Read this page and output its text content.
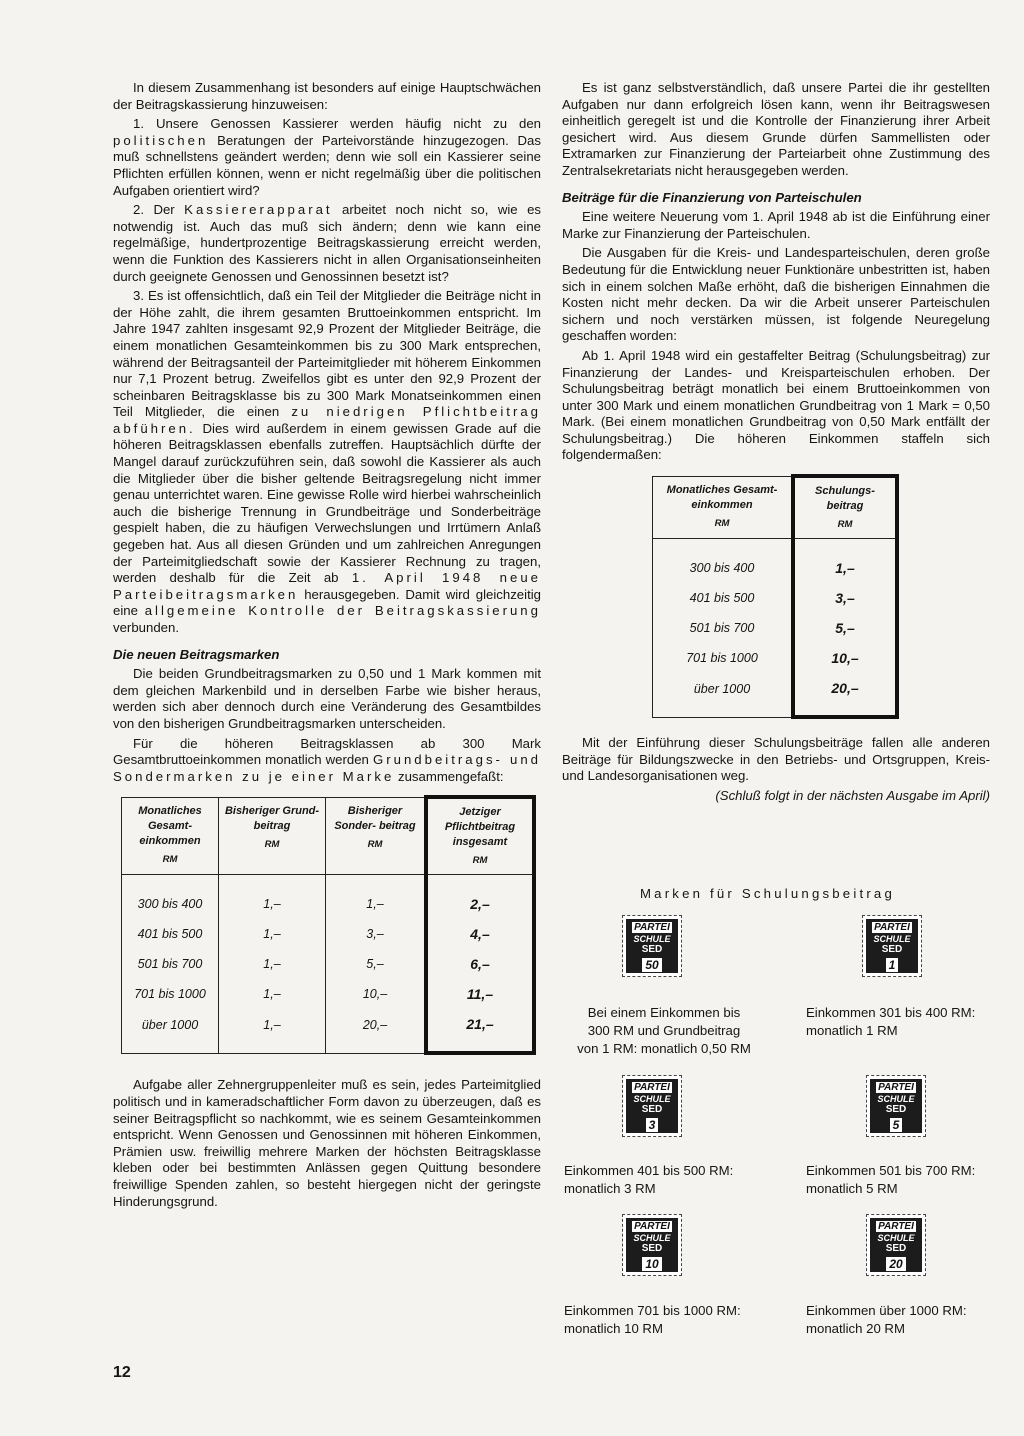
In diesem Zusammenhang ist besonders auf einige Hauptschwächen der Beitragskassierung hinzuweisen:

1. Unsere Genossen Kassierer werden häufig nicht zu den politischen Beratungen der Parteivorstände hinzugezogen. Das muß schnellstens geändert werden; denn wie soll ein Kassierer seine Pflichten erfüllen können, wenn er nicht regelmäßig über die politischen Aufgaben orientiert wird?

2. Der Kassiererapparat arbeitet noch nicht so, wie es notwendig ist. Auch das muß sich ändern; denn wie kann eine regelmäßige, hundertprozentige Beitragskassierung erreicht werden, wenn die Funktion des Kassierers nicht in allen Organisationseinheiten durch geeignete Genossen und Genossinnen besetzt ist?

3. Es ist offensichtlich, daß ein Teil der Mitglieder die Beiträge nicht in der Höhe zahlt, die ihrem gesamten Bruttoeinkommen entspricht. Im Jahre 1947 zahlten insgesamt 92,9 Prozent der Mitglieder Beiträge, die einem monatlichen Gesamteinkommen bis zu 300 Mark entsprechen, während der Beitragsanteil der Parteimitglieder mit höherem Einkommen nur 7,1 Prozent betrug. Zweifellos gibt es unter den 92,9 Prozent der scheinbaren Beitragsklasse bis zu 300 Mark Monatseinkommen einen Teil Mitglieder, die einen zu niedrigen Pflichtbeitrag abführen. Dies wird außerdem in einem gewissen Grade auf die höheren Beitragsklassen ebenfalls zutreffen. Hauptsächlich dürfte der Mangel darauf zurückzuführen sein, daß sowohl die Kassierer als auch die Mitglieder über die bisher geltende Beitragsregelung nicht immer genau unterrichtet waren. Eine gewisse Rolle wird hierbei wahrscheinlich auch die bisherige Trennung in Grundbeiträge und Sonderbeiträge gespielt haben, die zu häufigen Verwechslungen und Irrtümern Anlaß gegeben hat. Aus all diesen Gründen und um zahlreichen Anregungen der Parteimitgliedschaft sowie der Kassierer Rechnung zu tragen, werden deshalb für die Zeit ab 1. April 1948 neue Parteibeitragsmarken herausgegeben. Damit wird gleichzeitig eine allgemeine Kontrolle der Beitragskassierung verbunden.

Die neuen Beitragsmarken

Die beiden Grundbeitragsmarken zu 0,50 und 1 Mark kommen mit dem gleichen Markenbild und in derselben Farbe wie bisher heraus, werden sich aber dennoch durch eine Veränderung des Gesamtbildes von den bisherigen Grundbeitragsmarken unterscheiden.

Für die höheren Beitragsklassen ab 300 Mark Gesamtbruttoeinkommen monatlich werden Grundbeitrags- und Sondermarken zu je einer Marke zusammengefaßt:

Monatliches Gesamt- einkommen
RM	Bisheriger Grund- beitrag
RM	Bisheriger Sonder- beitrag
RM	Jetziger Pflichtbeitrag insgesamt
RM

300 bis 400	1,–	1,–	2,–
401 bis 500	1,–	3,–	4,–
501 bis 700	1,–	5,–	6,–
701 bis 1000	1,–	10,–	11,–
über 1000	1,–	20,–	21,–

Aufgabe aller Zehnergruppenleiter muß es sein, jedes Parteimitglied politisch und in kameradschaftlicher Form davon zu überzeugen, daß es seiner Beitragspflicht so nachkommt, wie es seinem Gesamteinkommen entspricht. Wenn Genossen und Genossinnen mit höheren Einkommen, Prämien usw. freiwillig mehrere Marken der höchsten Beitragsklasse kleben oder bei bestimmten Anlässen gegen Quittung besondere freiwillige Spenden zahlen, so besteht hiergegen nicht der geringste Hinderungsgrund.

Es ist ganz selbstverständlich, daß unsere Partei die ihr gestellten Aufgaben nur dann erfolgreich lösen kann, wenn ihr Beitragswesen einheitlich geregelt ist und die Kontrolle der Finanzierung ihrer Arbeit gesichert wird. Aus diesem Grunde dürfen Sammellisten oder Extramarken zur Finanzierung der Parteiarbeit ohne Zustimmung des Zentralsekretariats nicht herausgegeben werden.

Beiträge für die Finanzierung von Parteischulen

Eine weitere Neuerung vom 1. April 1948 ab ist die Einführung einer Marke zur Finanzierung der Parteischulen.

Die Ausgaben für die Kreis- und Landesparteischulen, deren große Bedeutung für die Entwicklung neuer Funktionäre unbestritten ist, haben sich in einem solchen Maße erhöht, daß die bisherigen Einnahmen die Kosten nicht mehr decken. Da wir die Arbeit unserer Parteischulen sichern und noch verstärken müssen, ist folgende Neuregelung geschaffen worden:

Ab 1. April 1948 wird ein gestaffelter Beitrag (Schulungsbeitrag) zur Finanzierung der Landes- und Kreisparteischulen erhoben. Der Schulungsbeitrag beträgt monatlich bei einem Bruttoeinkommen von unter 300 Mark und einem monatlichen Grundbeitrag von 1 Mark = 0,50 Mark. (Bei einem monatlichen Grundbeitrag von 0,50 Mark entfällt der Schulungsbeitrag.) Die höheren Einkommen staffeln sich folgendermaßen:

Monatliches Gesamt- einkommen
RM	Schulungs- beitrag
RM

300 bis 400	1,–
401 bis 500	3,–
501 bis 700	5,–
701 bis 1000	10,–
über 1000	20,–

Mit der Einführung dieser Schulungsbeiträge fallen alle anderen Beiträge für Bildungszwecke in den Betriebs- und Ortsgruppen, Kreis- und Landesorganisationen weg.

(Schluß folgt in der nächsten Ausgabe im April)

Marken für Schulungsbeitrag
PARTEI
SCHULE
SED
50
Bei einem Einkommen bis
300 RM und Grundbeitrag
von 1 RM: monatlich 0,50 RM
PARTEI
SCHULE
SED
1
Einkommen 301 bis 400 RM:
monatlich 1 RM
PARTEI
SCHULE
SED
3
Einkommen 401 bis 500 RM:
monatlich 3 RM
PARTEI
SCHULE
SED
5
Einkommen 501 bis 700 RM:
monatlich 5 RM
PARTEI
SCHULE
SED
10
Einkommen 701 bis 1000 RM:
monatlich 10 RM
PARTEI
SCHULE
SED
20
Einkommen über 1000 RM:
monatlich 20 RM
12
